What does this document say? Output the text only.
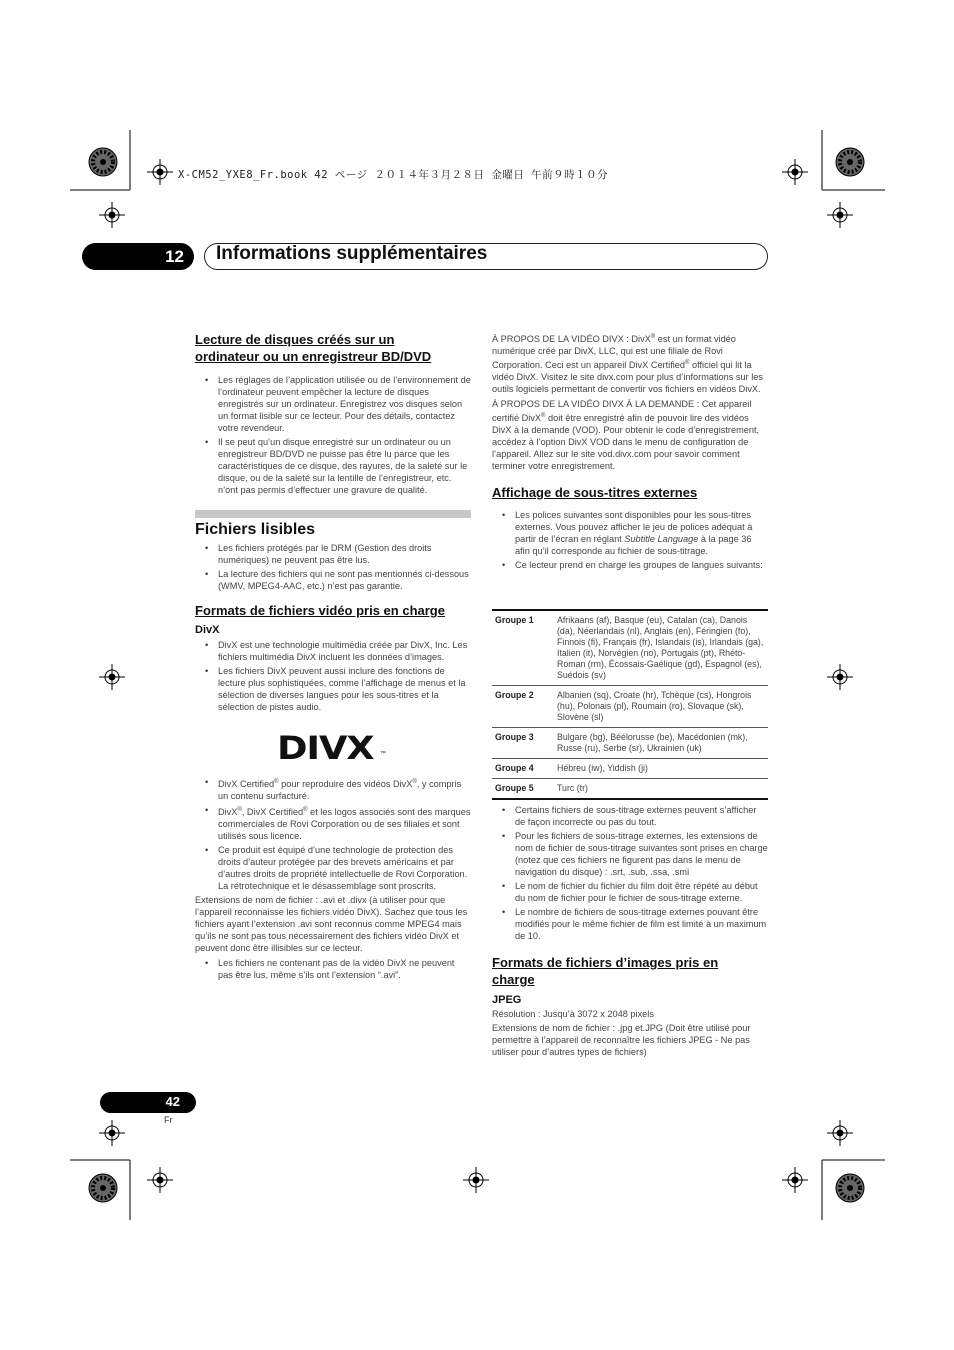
X-CM52_YXE8_Fr.book 42 ページ ２０１４年３月２８日 金曜日 午前９時１０分
12 Informations supplémentaires
Lecture de disques créés sur un
ordinateur ou un enregistreur BD/DVD
• Les réglages de l’application utilisée ou de l’environnement de l’ordinateur peuvent empêcher la lecture de disques enregistrés sur un ordinateur. Enregistrez vos disques selon un format lisible sur ce lecteur. Pour des détails, contactez votre revendeur.
• Il se peut qu’un disque enregistré sur un ordinateur ou un enregistreur BD/DVD ne puisse pas être lu parce que les caractéristiques de ce disque, des rayures, de la saleté sur le disque, ou de la saleté sur la lentille de l’enregistreur, etc. n’ont pas permis d’effectuer une gravure de qualité.
Fichiers lisibles
• Les fichiers protégés par le DRM (Gestion des droits numériques) ne peuvent pas être lus.
• La lecture des fichiers qui ne sont pas mentionnés ci-dessous (WMV, MPEG4-AAC, etc.) n’est pas garantie.
Formats de fichiers vidéo pris en charge
DivX
• DivX est une technologie multimédia créée par DivX, Inc. Les fichiers multimédia DivX incluent les données d’images.
• Les fichiers DivX peuvent aussi inclure des fonctions de lecture plus sophistiquées, comme l’affichage de menus et la sélection de diverses langues pour les sous-titres et la sélection de pistes audio.
DIVX ™
• DivX Certified® pour reproduire des vidéos DivX®, y compris un contenu surfacturé.
• DivX®, DivX Certified® et les logos associés sont des marques commerciales de Rovi Corporation ou de ses filiales et sont utilisés sous licence.
• Ce produit est équipé d’une technologie de protection des droits d’auteur protégée par des brevets américains et par d’autres droits de propriété intellectuelle de Rovi Corporation. La rétrotechnique et le désassemblage sont proscrits.

Extensions de nom de fichier : .avi et .divx (à utiliser pour que l’appareil reconnaisse les fichiers vidéo DivX). Sachez que tous les fichiers ayant l’extension .avi sont reconnus comme MPEG4 mais qu’ils ne sont pas tous nécessairement des fichiers vidéo DivX et peuvent donc être illisibles sur ce lecteur.

• Les fichiers ne contenant pas de la vidéo DivX ne peuvent pas être lus, même s’ils ont l’extension “.avi”.

À PROPOS DE LA VIDÉO DIVX : DivX® est un format vidéo numérique créé par DivX, LLC, qui est une filiale de Rovi Corporation. Ceci est un appareil DivX Certified® officiel qui lit la vidéo DivX. Visitez le site divx.com pour plus d’informations sur les outils logiciels permettant de convertir vos fichiers en vidéos DivX.

À PROPOS DE LA VIDÉO DIVX À LA DEMANDE : Cet appareil certifié DivX® doit être enregistré afin de pouvoir lire des vidéos DivX à la demande (VOD). Pour obtenir le code d’enregistrement, accédez à l’option DivX VOD dans le menu de configuration de l’appareil. Allez sur le site vod.divx.com pour savoir comment terminer votre enregistrement.

Affichage de sous-titres externes
• Les polices suivantes sont disponibles pour les sous-titres externes. Vous pouvez afficher le jeu de polices adéquat à partir de l’écran en réglant Subtitle Language à la page 36 afin qu’il corresponde au fichier de sous-titrage.
• Ce lecteur prend en charge les groupes de langues suivants:
Groupe 1	Afrikaans (af), Basque (eu), Catalan (ca), Danois (da), Néerlandais (nl), Anglais (en), Féringien (fo), Finnois (fi), Français (fr), Islandais (is), Irlandais (ga), Italien (it), Norvégien (no), Portugais (pt), Rhéto-Roman (rm), Écossais-Gaélique (gd), Espagnol (es), Suédois (sv)
Groupe 2	Albanien (sq), Croate (hr), Tchèque (cs), Hongrois (hu), Polonais (pl), Roumain (ro), Slovaque (sk), Slovène (sl)
Groupe 3	Bulgare (bg), Béélorusse (be), Macédonien (mk), Russe (ru), Serbe (sr), Ukrainien (uk)
Groupe 4	Hébreu (iw), Yiddish (ji)
Groupe 5	Turc (tr)
• Certains fichiers de sous-titrage externes peuvent s’afficher de façon incorrecte ou pas du tout.
• Pour les fichiers de sous-titrage externes, les extensions de nom de fichier de sous-titrage suivantes sont prises en charge (notez que ces fichiers ne figurent pas dans le menu de navigation du disque) : .srt, .sub, .ssa, .smi
• Le nom de fichier du fichier du film doit être répété au début du nom de fichier pour le fichier de sous-titrage externe.
• Le nombre de fichiers de sous-titrage externes pouvant être modifiés pour le même fichier de film est limité à un maximum de 10.
Formats de fichiers d’images pris en
charge
JPEG

Résolution : Jusqu’à 3072 x 2048 pixels

Extensions de nom de fichier : .jpg et.JPG (Doit être utilisé pour permettre à l’appareil de reconnaître les fichiers JPEG - Ne pas utiliser pour d’autres types de fichiers)

42
Fr
